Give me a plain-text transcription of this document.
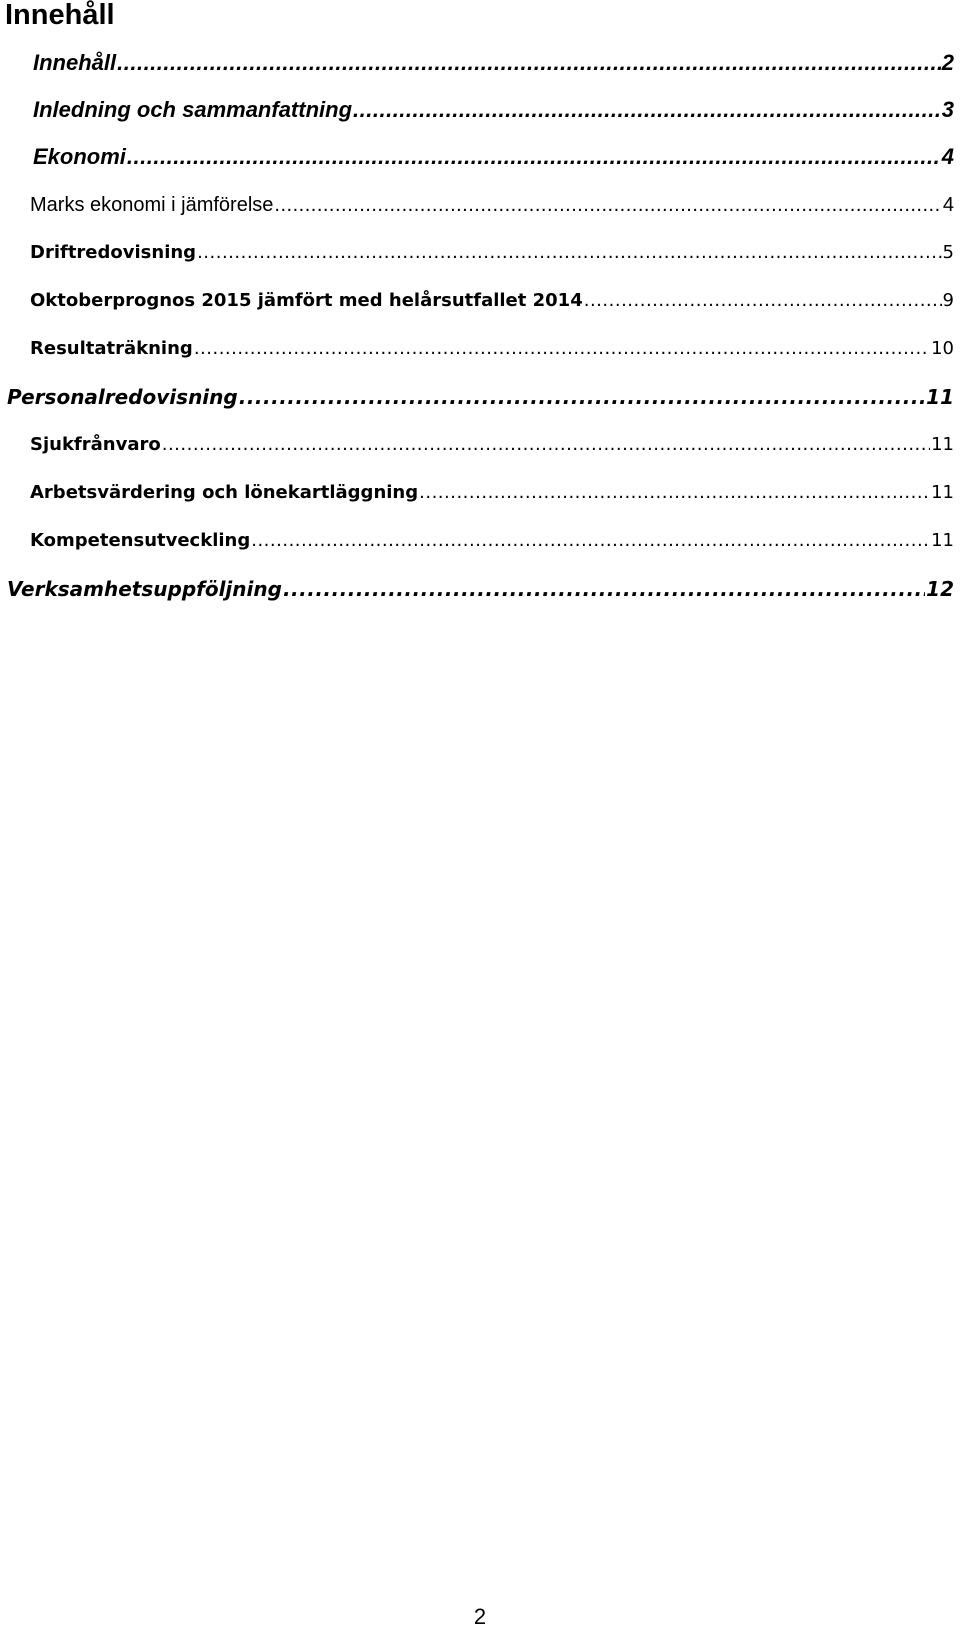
Innehåll
Innehåll .....	2
Inledning och sammanfattning .....	3
Ekonomi .....	4
Marks ekonomi i jämförelse .....	4
Driftredovisning .....	5
Oktoberprognos 2015 jämfört med helårsutfallet 2014 .....	9
Resultaträkning .....	10
Personalredovisning .....	11
Sjukfrånvaro .....	11
Arbetsvärdering och lönekartläggning .....	11
Kompetensutveckling .....	11
Verksamhetsuppföljning .....	12
2
